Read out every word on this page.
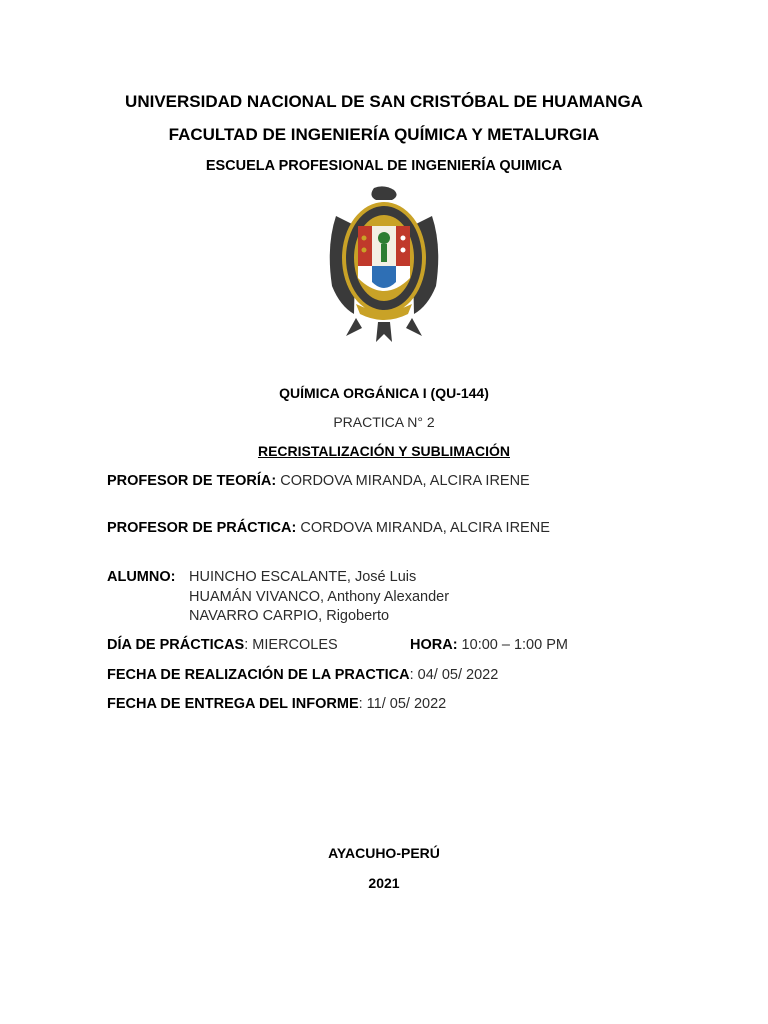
UNIVERSIDAD NACIONAL DE SAN CRISTÓBAL DE HUAMANGA
FACULTAD DE INGENIERÍA QUÍMICA Y METALURGIA
ESCUELA PROFESIONAL DE INGENIERÍA QUIMICA
QUÍMICA ORGÁNICA I (QU-144)
PRACTICA N° 2
RECRISTALIZACIÓN Y SUBLIMACIÓN
PROFESOR DE TEORÍA: CORDOVA MIRANDA, ALCIRA IRENE
PROFESOR DE PRÁCTICA: CORDOVA MIRANDA, ALCIRA IRENE
ALUMNO: HUINCHO ESCALANTE, José Luis
HUAMÁN VIVANCO, Anthony Alexander
NAVARRO CARPIO, Rigoberto
DÍA DE PRÁCTICAS: MIERCOLES	HORA: 10:00 – 1:00 PM
FECHA DE REALIZACIÓN DE LA PRACTICA: 04/ 05/ 2022
FECHA DE ENTREGA DEL INFORME: 11/ 05/ 2022
AYACUHO-PERÚ
2021
